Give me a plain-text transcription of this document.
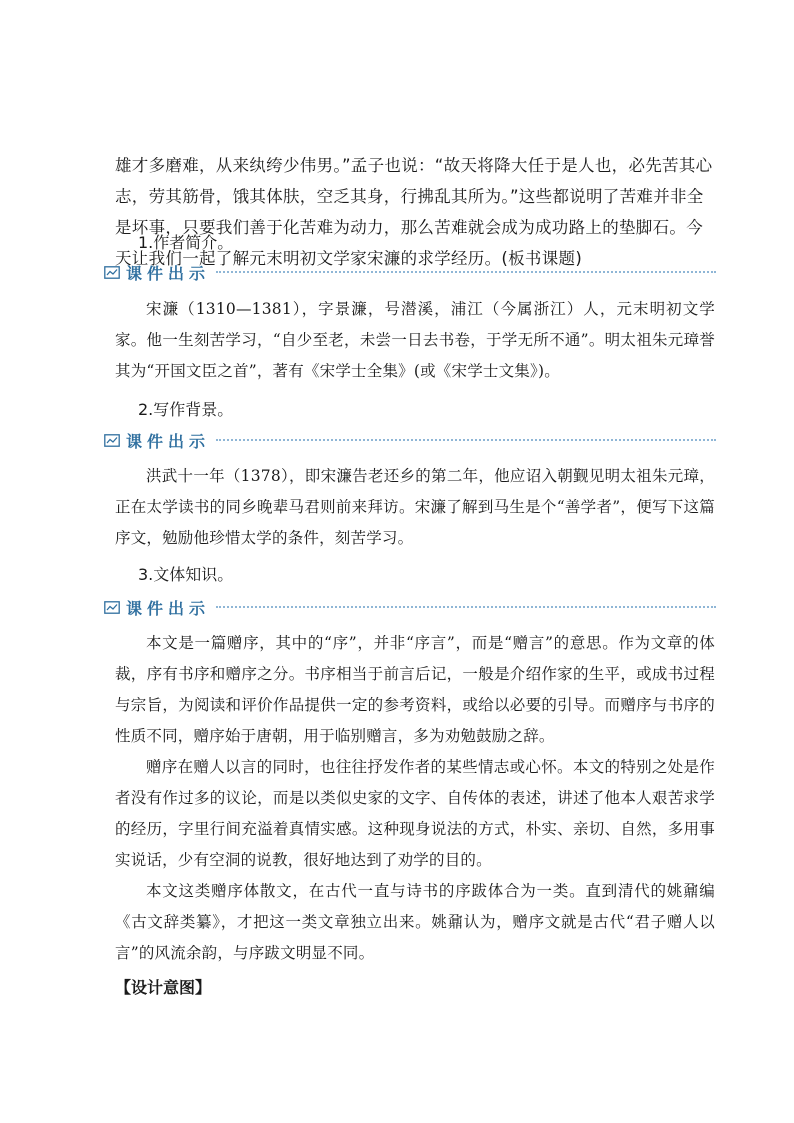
雄才多磨难，从来纨绔少伟男。”孟子也说：“故天将降大任于是人也，必先苦其心志，劳其筋骨，饿其体肤，空乏其身，行拂乱其所为。”这些都说明了苦难并非全是坏事，只要我们善于化苦难为动力，那么苦难就会成为成功路上的垫脚石。今天让我们一起了解元末明初文学家宋濂的求学经历。(板书课题)

1.作者简介。
课件出示

宋濂（1310—1381），字景濂，号潜溪，浦江（今属浙江）人，元末明初文学家。他一生刻苦学习，“自少至老，未尝一日去书卷，于学无所不通”。明太祖朱元璋誉其为“开国文臣之首”，著有《宋学士全集》(或《宋学士文集》)。

2.写作背景。
课件出示

洪武十一年（1378），即宋濂告老还乡的第二年，他应诏入朝觐见明太祖朱元璋，正在太学读书的同乡晚辈马君则前来拜访。宋濂了解到马生是个“善学者”，便写下这篇序文，勉励他珍惜太学的条件，刻苦学习。

3.文体知识。
课件出示

本文是一篇赠序，其中的“序”，并非“序言”，而是“赠言”的意思。作为文章的体裁，序有书序和赠序之分。书序相当于前言后记，一般是介绍作家的生平，或成书过程与宗旨，为阅读和评价作品提供一定的参考资料，或给以必要的引导。而赠序与书序的性质不同，赠序始于唐朝，用于临别赠言，多为劝勉鼓励之辞。

赠序在赠人以言的同时，也往往抒发作者的某些情志或心怀。本文的特别之处是作者没有作过多的议论，而是以类似史家的文字、自传体的表述，讲述了他本人艰苦求学的经历，字里行间充溢着真情实感。这种现身说法的方式，朴实、亲切、自然，多用事实说话，少有空洞的说教，很好地达到了劝学的目的。

本文这类赠序体散文，在古代一直与诗书的序跋体合为一类。直到清代的姚鼐编《古文辞类纂》，才把这一类文章独立出来。姚鼐认为，赠序文就是古代“君子赠人以言”的风流余韵，与序跋文明显不同。

【设计意图】
